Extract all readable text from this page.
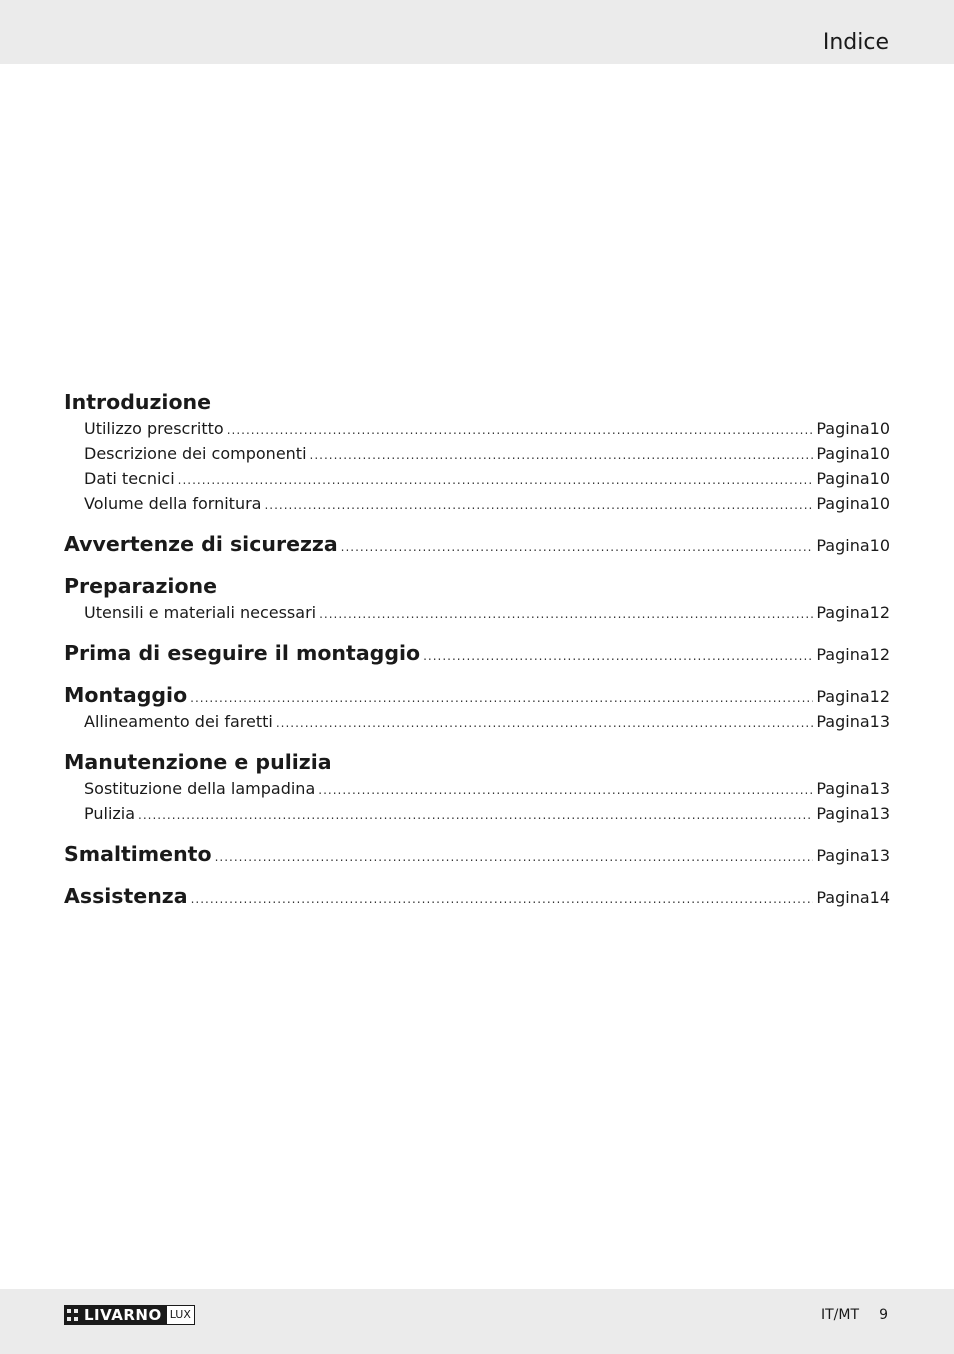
Indice
Introduzione
Utilizzo prescritto .....	Pagina 10
Descrizione dei componenti .....	Pagina 10
Dati tecnici .....	Pagina 10
Volume della fornitura .....	Pagina 10
Avvertenze di sicurezza .....	Pagina 10
Preparazione
Utensili e materiali necessari .....	Pagina 12
Prima di eseguire il montaggio .....	Pagina 12
Montaggio .....	Pagina 12
Allineamento dei faretti .....	Pagina 13
Manutenzione e pulizia
Sostituzione della lampadina .....	Pagina 13
Pulizia .....	Pagina 13
Smaltimento .....	Pagina 13
Assistenza .....	Pagina 14
LIVARNO LUX	IT/MT 9
